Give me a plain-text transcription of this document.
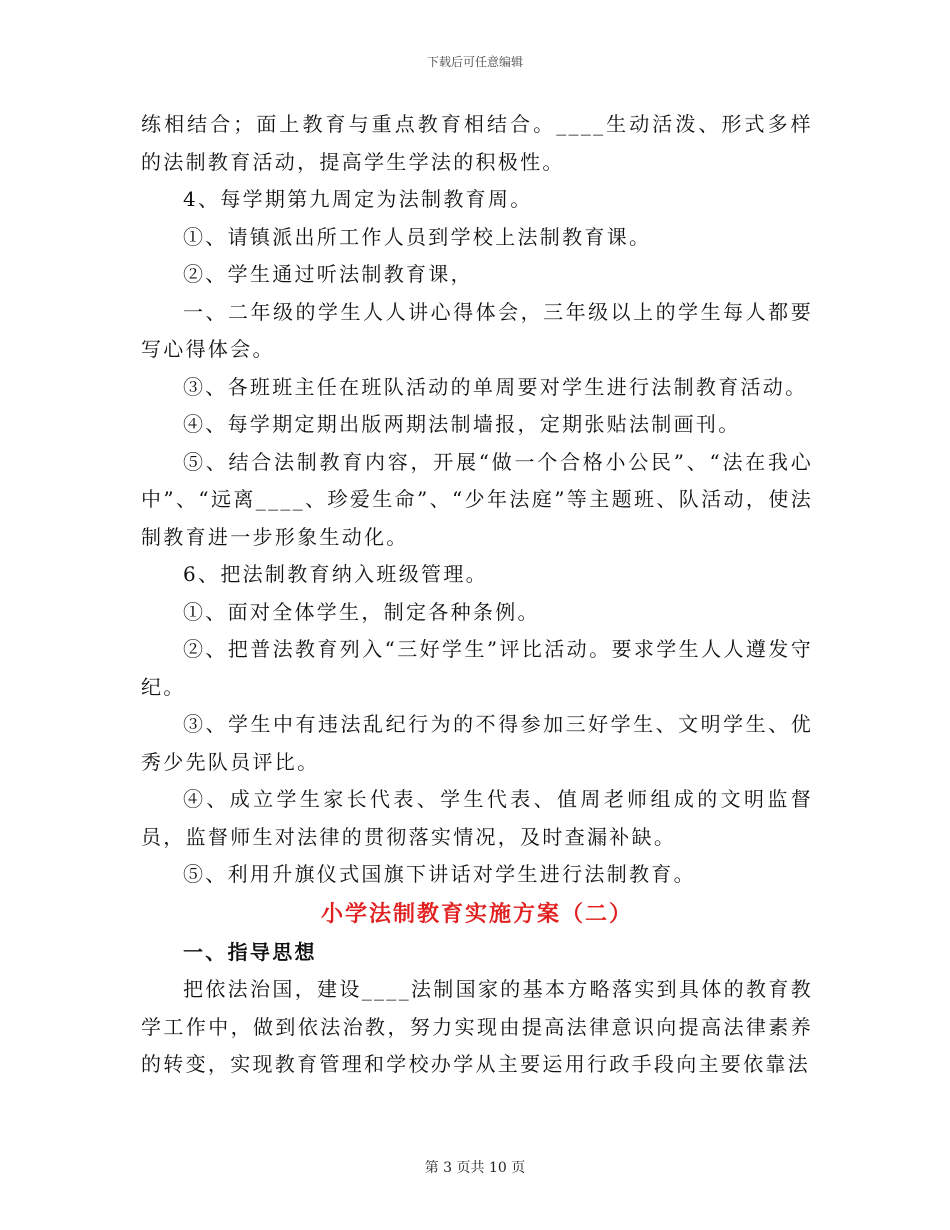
下载后可任意编辑

练相结合；面上教育与重点教育相结合。____生动活泼、形式多样的法制教育活动，提高学生学法的积极性。

4、每学期第九周定为法制教育周。

①、请镇派出所工作人员到学校上法制教育课。

②、学生通过听法制教育课，

一、二年级的学生人人讲心得体会，三年级以上的学生每人都要写心得体会。

③、各班班主任在班队活动的单周要对学生进行法制教育活动。

④、每学期定期出版两期法制墙报，定期张贴法制画刊。

⑤、结合法制教育内容，开展“做一个合格小公民”、“法在我心中”、“远离____、珍爱生命”、“少年法庭”等主题班、队活动，使法制教育进一步形象生动化。

6、把法制教育纳入班级管理。

①、面对全体学生，制定各种条例。

②、把普法教育列入“三好学生”评比活动。要求学生人人遵发守纪。

③、学生中有违法乱纪行为的不得参加三好学生、文明学生、优秀少先队员评比。

④、成立学生家长代表、学生代表、值周老师组成的文明监督员，监督师生对法律的贯彻落实情况，及时查漏补缺。

⑤、利用升旗仪式国旗下讲话对学生进行法制教育。

小学法制教育实施方案（二）

一、指导思想

把依法治国，建设____法制国家的基本方略落实到具体的教育教学工作中，做到依法治教，努力实现由提高法律意识向提高法律素养的转变，实现教育管理和学校办学从主要运用行政手段向主要依靠法

第 3 页共 10 页
